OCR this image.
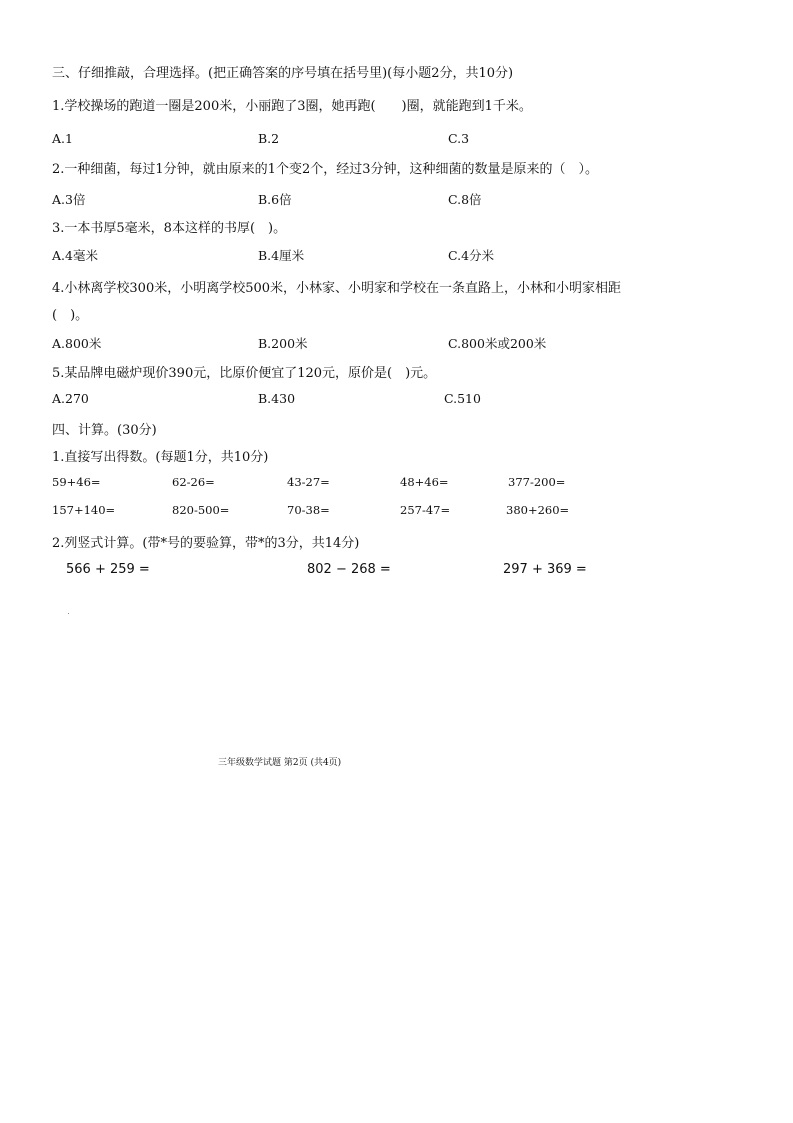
三、仔细推敲，合理选择。(把正确答案的序号填在括号里)(每小题2分，共10分)
1.学校操场的跑道一圈是200米，小丽跑了3圈，她再跑(　　)圈，就能跑到1千米。
A.1	B.2	C.3
2.一种细菌，每过1分钟，就由原来的1个变2个，经过3分钟，这种细菌的数量是原来的（　）。
A.3倍	B.6倍	C.8倍
3.一本书厚5毫米，8本这样的书厚(　)。
A.4毫米	B.4厘米	C.4分米
4.小林离学校300米，小明离学校500米，小林家、小明家和学校在一条直路上，小林和小明家相距
(　)。
A.800米	B.200米	C.800米或200米
5.某品牌电磁炉现价390元，比原价便宜了120元，原价是(　)元。
A.270	B.430	C.510
四、计算。(30分)
1.直接写出得数。(每题1分，共10分)
59+46=	62-26=	43-27=	48+46=	377-200=
157+140=	820-500=	70-38=	257-47=	380+260=
2.列竖式计算。(带*号的要验算，带*的3分，共14分)
566 + 259 =	802 − 268 =	297 + 369 =
三年级数学试题 第2页 (共4页)
